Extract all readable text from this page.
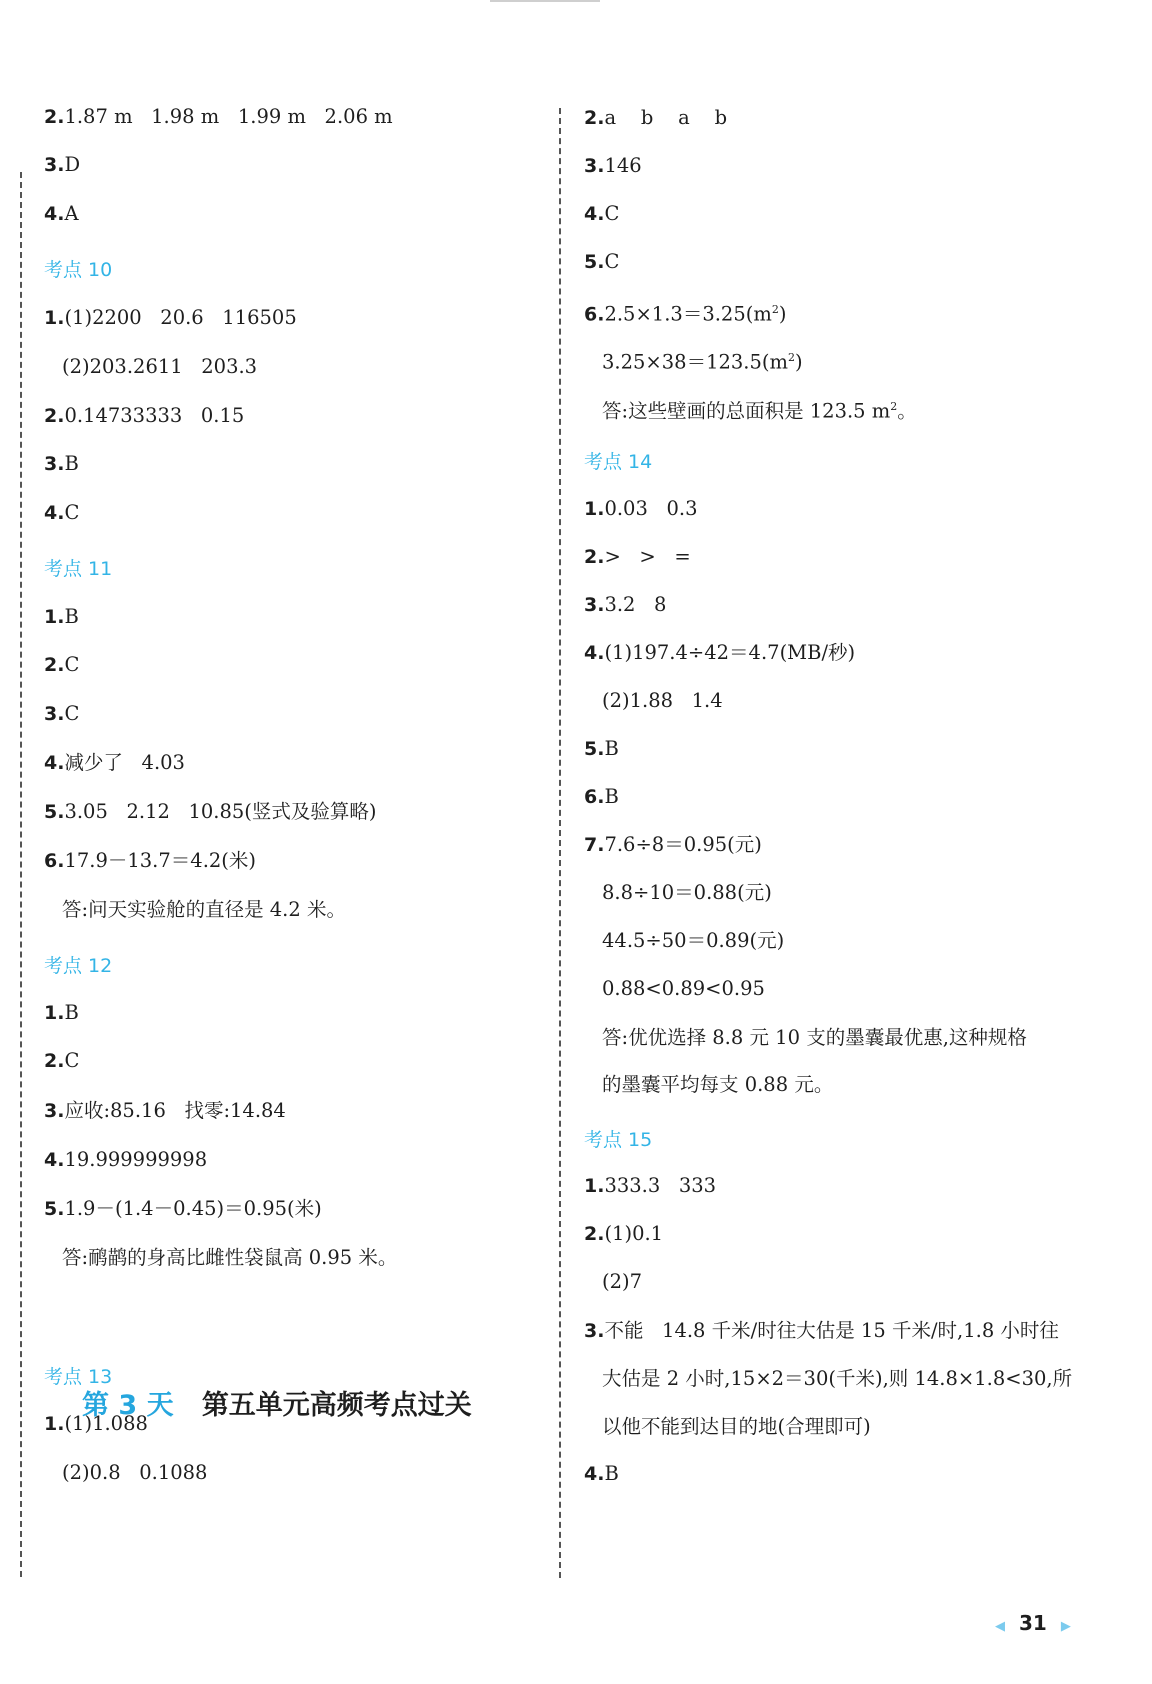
2.1.87 m   1.98 m   1.99 m   2.06 m
3.D
4.A
考点 10
1.(1)2200   20.6   116505
(2)203.2611   203.3
2.0.14733333   0.15
3.B
4.C
考点 11
1.B
2.C
3.C
4.减少了   4.03
5.3.05   2.12   10.85(竖式及验算略)
6.17.9－13.7＝4.2(米)
答:问天实验舱的直径是 4.2 米。
考点 12
1.B
2.C
3.应收:85.16   找零:14.84
4.19.999999998
5.1.9－(1.4－0.45)＝0.95(米)
答:鸸鹋的身高比雌性袋鼠高 0.95 米。
考点 13
1.(1)1.088
(2)0.8   0.1088
2.a    b    a    b
3.146
4.C
5.C
$6.2.5\times 1.3=3.25(m^2)$
$3.25\times 38=123.5(m^2)$
答:这些壁画的总面积是 123.5 $m^2$。
考点 14
1.0.03   0.3
2.>   >   =
3.3.2   8
4.(1)197.4÷42＝4.7(MB/秒)
(2)1.88   1.4
5.B
6.B
7.7.6÷8＝0.95(元)
8.8÷10＝0.88(元)
44.5÷50＝0.89(元)
0.88<0.89<0.95
答:优优选择 8.8 元 10 支的墨囊最优惠,这种规格
的墨囊平均每支 0.88 元。
考点 15
1.333.3   333
2.(1)0.1
(2)7
3.不能   14.8 千米/时往大估是 15 千米/时,1.8 小时往
大估是 2 小时,15×2＝30(千米),则 14.8×1.8<30,所
以他不能到达目的地(合理即可)
4.B
第 3 天 第五单元高频考点过关
◀ 31 ▶
